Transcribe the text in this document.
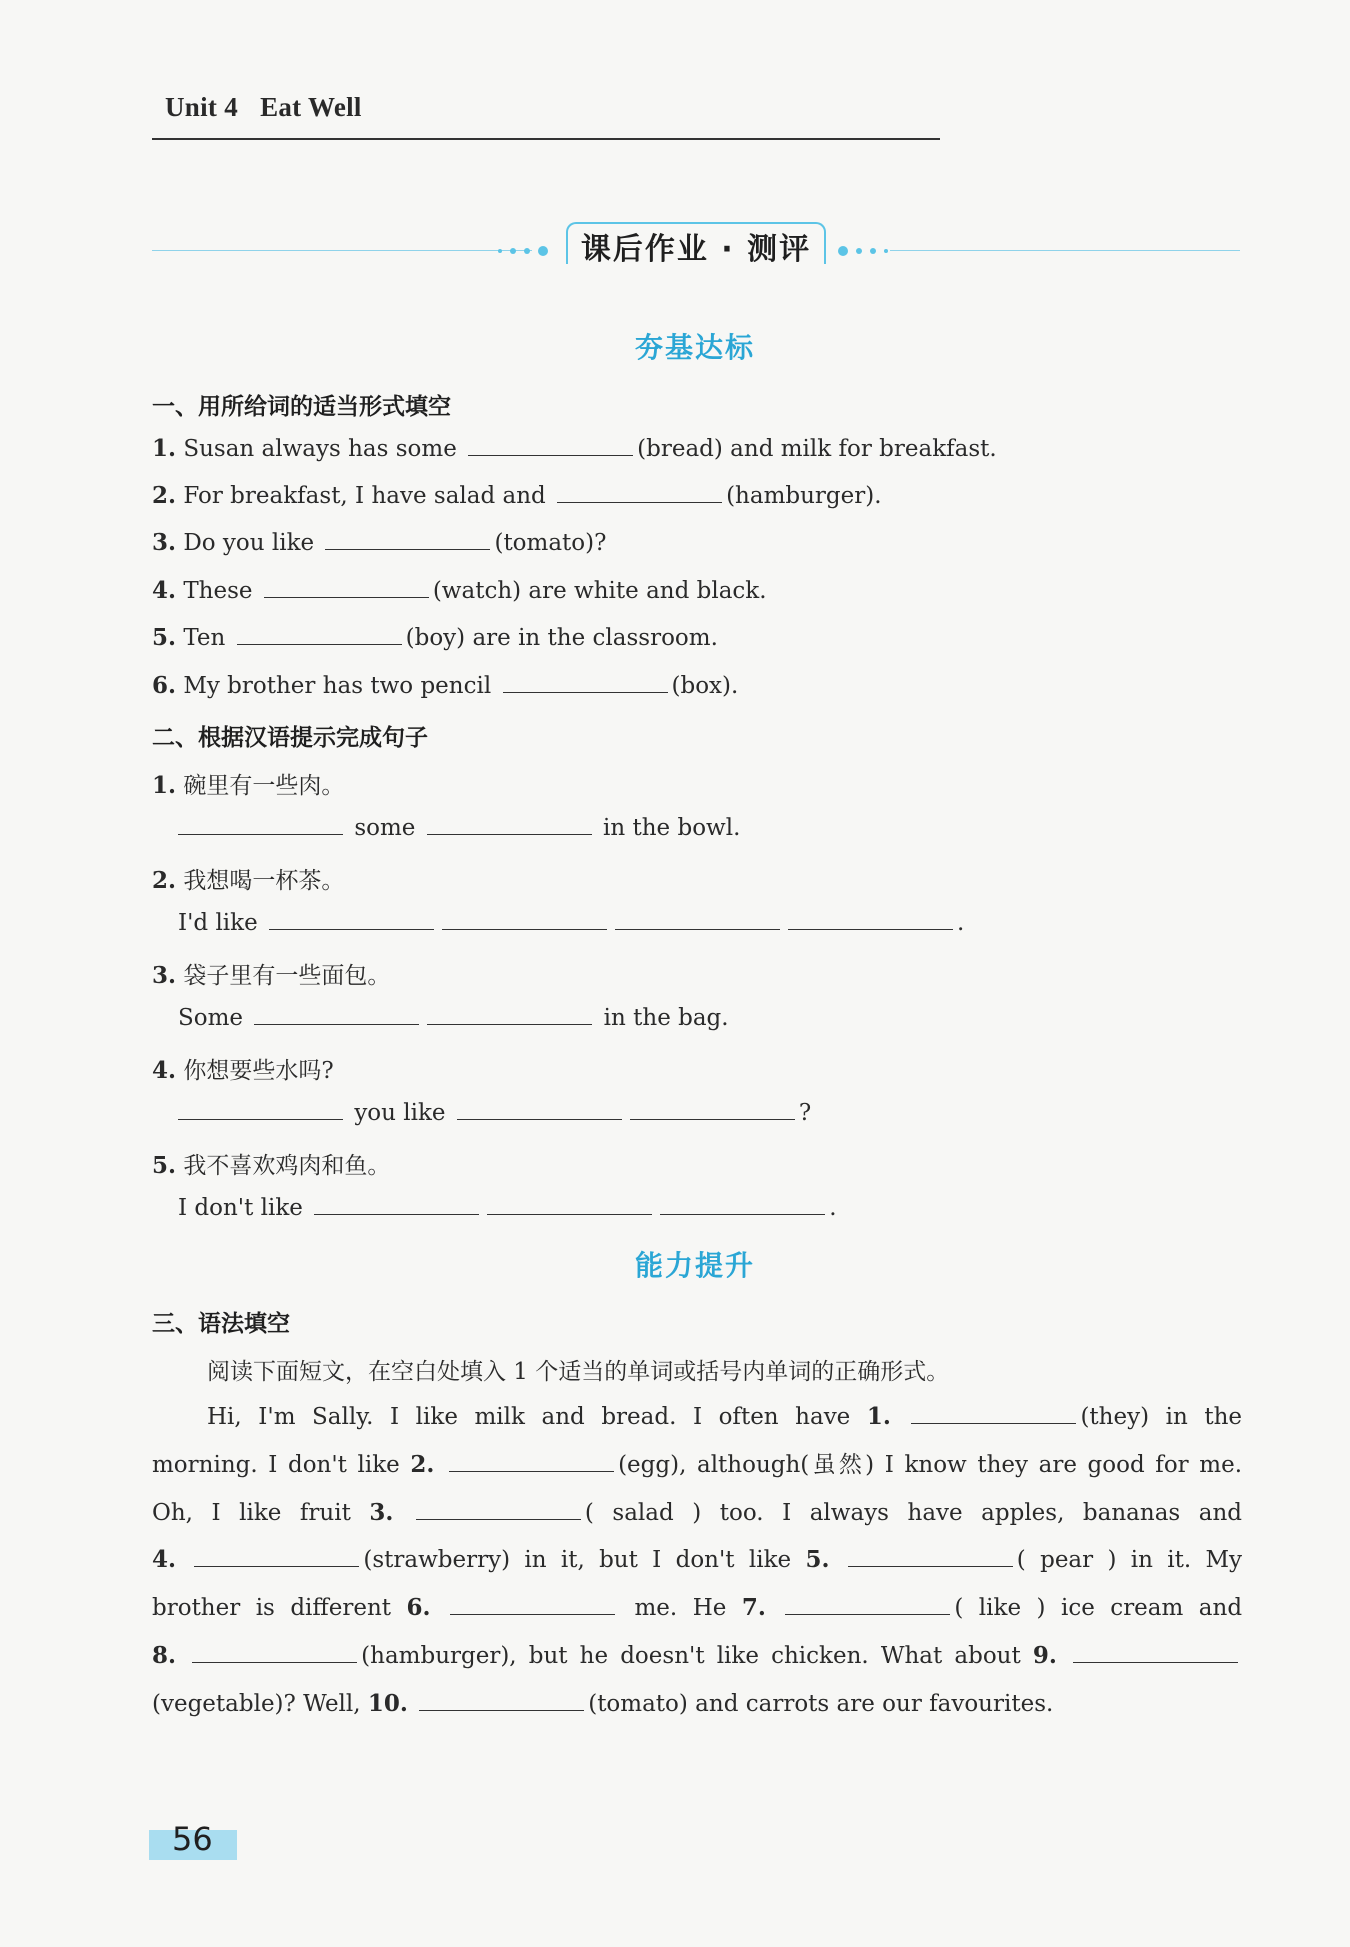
Unit 4 Eat Well
课后作业 · 测评
夯基达标
一、用所给词的适当形式填空
1. Susan always has some	(bread) and milk for breakfast.
2. For breakfast, I have salad and	(hamburger).
3. Do you like	(tomato)?
4. These	(watch) are white and black.
5. Ten	(boy) are in the classroom.
6. My brother has two pencil	(box).
二、根据汉语提示完成句子
1. 碗里有一些肉。
some	in the bowl.
2. 我想喝一杯茶。
I'd like	.
3. 袋子里有一些面包。
Some	in the bag.
4. 你想要些水吗?
you like	?
5. 我不喜欢鸡肉和鱼。
I don't like	.
能力提升
三、语法填空
阅读下面短文，在空白处填入 1 个适当的单词或括号内单词的正确形式。
Hi, I'm Sally. I like milk and bread. I often have 1.	(they) in the
morning. I don't like 2.	(egg), although(虽然) I know they are good for me.
Oh, I like fruit 3.	( salad ) too. I always have apples, bananas and
4.	(strawberry) in it, but I don't like 5.	( pear ) in it. My
brother is different 6.	me. He 7.	( like ) ice cream and
8.	(hamburger), but he doesn't like chicken. What about 9.
(vegetable)? Well, 10.	(tomato) and carrots are our favourites.
56
